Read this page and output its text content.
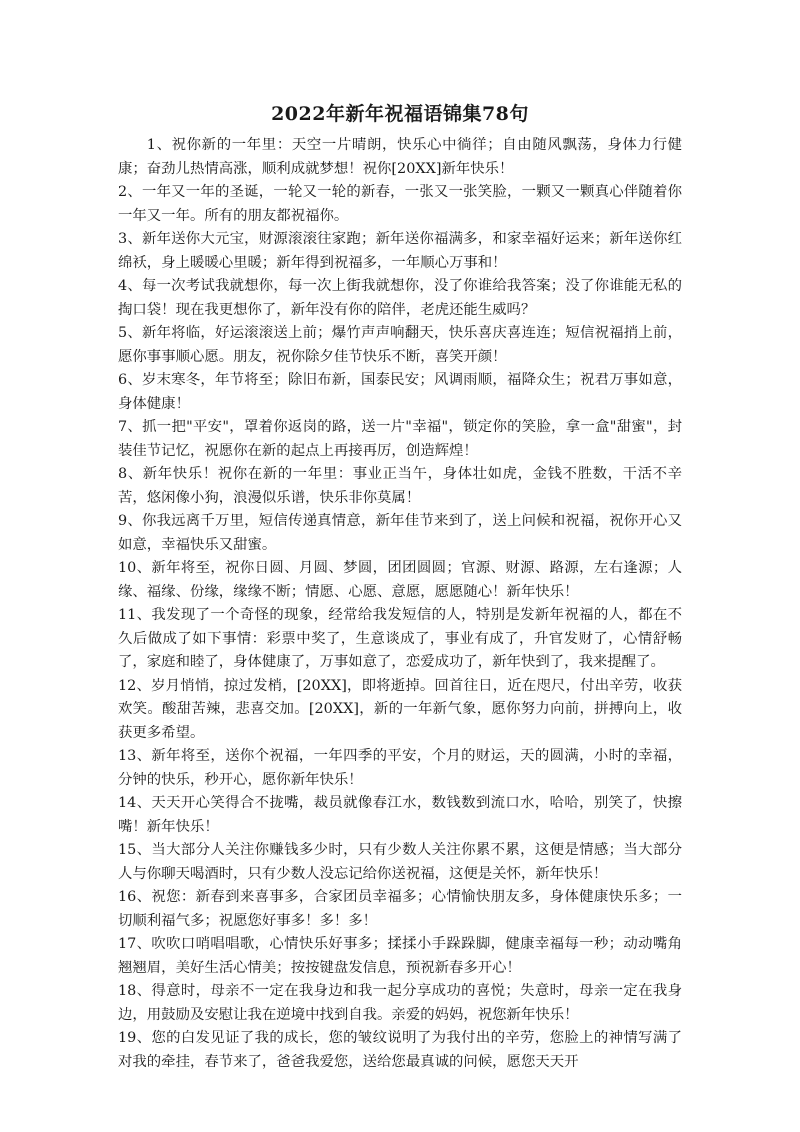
2022年新年祝福语锦集78句

1、祝你新的一年里：天空一片晴朗，快乐心中徜徉；自由随风飘荡，身体力行健康；奋劲儿热情高涨，顺利成就梦想！祝你[20XX]新年快乐！

2、一年又一年的圣诞，一轮又一轮的新春，一张又一张笑脸，一颗又一颗真心伴随着你一年又一年。所有的朋友都祝福你。

3、新年送你大元宝，财源滚滚往家跑；新年送你福满多，和家幸福好运来；新年送你红绵袄，身上暖暖心里暖；新年得到祝福多，一年顺心万事和！

4、每一次考试我就想你，每一次上街我就想你，没了你谁给我答案；没了你谁能无私的掏口袋！现在我更想你了，新年没有你的陪伴，老虎还能生威吗？

5、新年将临，好运滚滚送上前；爆竹声声响翻天，快乐喜庆喜连连；短信祝福捎上前，愿你事事顺心愿。朋友，祝你除夕佳节快乐不断，喜笑开颜！

6、岁末寒冬，年节将至；除旧布新，国泰民安；风调雨顺，福降众生；祝君万事如意，身体健康！

7、抓一把"平安"，罩着你返岗的路，送一片"幸福"，锁定你的笑脸，拿一盒"甜蜜"，封装佳节记忆，祝愿你在新的起点上再接再厉，创造辉煌！

8、新年快乐！祝你在新的一年里：事业正当午，身体壮如虎，金钱不胜数，干活不辛苦，悠闲像小狗，浪漫似乐谱，快乐非你莫属！

9、你我远离千万里，短信传递真情意，新年佳节来到了，送上问候和祝福，祝你开心又如意，幸福快乐又甜蜜。

10、新年将至，祝你日圆、月圆、梦圆，团团圆圆；官源、财源、路源，左右逢源；人缘、福缘、份缘，缘缘不断；情愿、心愿、意愿，愿愿随心！新年快乐！

11、我发现了一个奇怪的现象，经常给我发短信的人，特别是发新年祝福的人，都在不久后做成了如下事情：彩票中奖了，生意谈成了，事业有成了，升官发财了，心情舒畅了，家庭和睦了，身体健康了，万事如意了，恋爱成功了，新年快到了，我来提醒了。

12、岁月悄悄，掠过发梢，[20XX]，即将逝掉。回首往日，近在咫尺，付出辛劳，收获欢笑。酸甜苦辣，悲喜交加。[20XX]，新的一年新气象，愿你努力向前，拼搏向上，收获更多希望。

13、新年将至，送你个祝福，一年四季的平安，个月的财运，天的圆满，小时的幸福，分钟的快乐，秒开心，愿你新年快乐！

14、天天开心笑得合不拢嘴，裁员就像春江水，数钱数到流口水，哈哈，别笑了，快擦嘴！新年快乐！

15、当大部分人关注你赚钱多少时，只有少数人关注你累不累，这便是情感；当大部分人与你聊天喝酒时，只有少数人没忘记给你送祝福，这便是关怀，新年快乐！

16、祝您：新春到来喜事多，合家团员幸福多；心情愉快朋友多，身体健康快乐多；一切顺利福气多；祝愿您好事多！多！多！

17、吹吹口哨唱唱歌，心情快乐好事多；揉揉小手跺跺脚，健康幸福每一秒；动动嘴角翘翘眉，美好生活心情美；按按键盘发信息，预祝新春多开心！

18、得意时，母亲不一定在我身边和我一起分享成功的喜悦；失意时，母亲一定在我身边，用鼓励及安慰让我在逆境中找到自我。亲爱的妈妈，祝您新年快乐！

19、您的白发见证了我的成长，您的皱纹说明了为我付出的辛劳，您脸上的神情写满了对我的牵挂，春节来了，爸爸我爱您，送给您最真诚的问候，愿您天天开
